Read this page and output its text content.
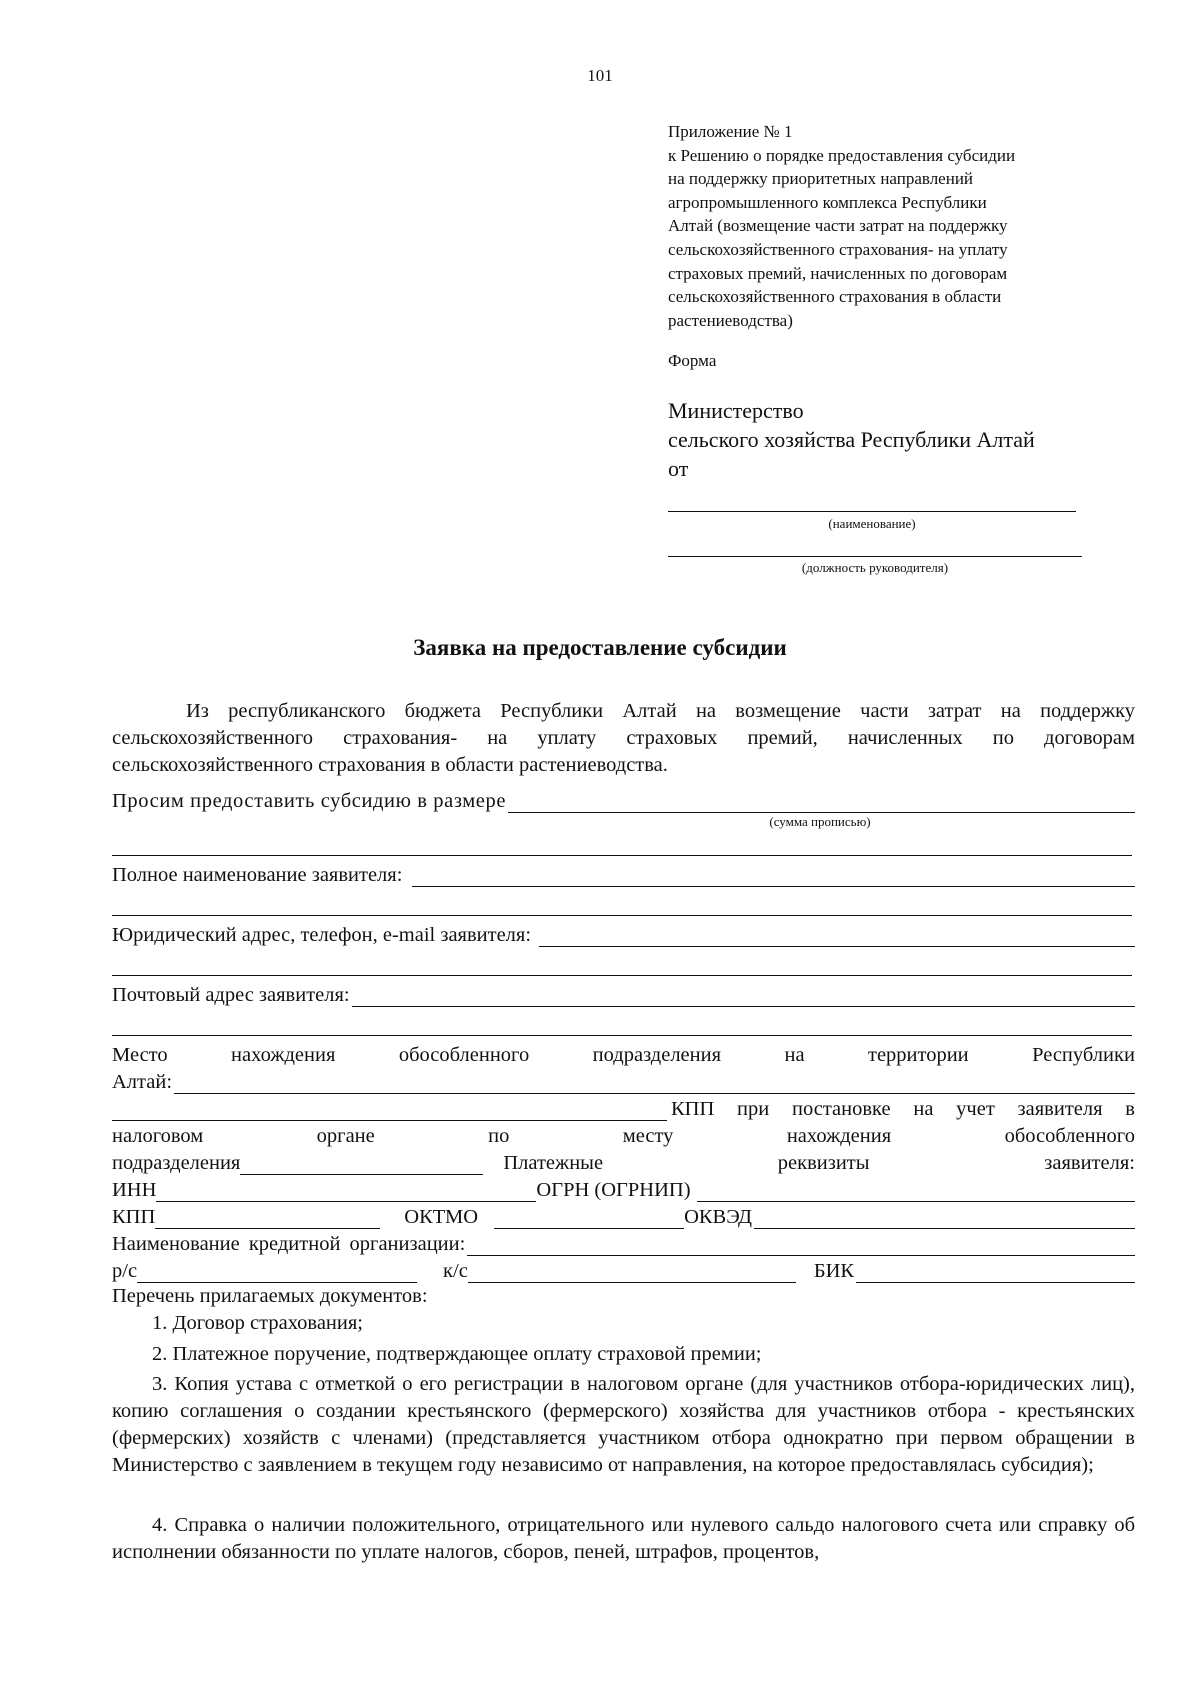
101
Приложение № 1
к Решению о порядке предоставления субсидии
на поддержку приоритетных направлений
агропромышленного комплекса Республики
Алтай (возмещение части затрат на поддержку
сельскохозяйственного страхования- на уплату
страховых премий, начисленных по договорам
сельскохозяйственного страхования в области
растениеводства)
Форма
Министерство
сельского хозяйства Республики Алтай
от
(наименование)
(должность руководителя)
Заявка на предоставление субсидии
Из республиканского бюджета Республики Алтай на возмещение части затрат на поддержку сельскохозяйственного страхования- на уплату страховых премий, начисленных по договорам сельскохозяйственного страхования в области растениеводства.
Просим предоставить субсидию в размере
(сумма прописью)
Полное наименование заявителя:
Юридический адрес, телефон, e-mail заявителя:
Почтовый адрес заявителя:
Место	нахождения	обособленного	подразделения	на	территории	Республики
Алтай:
КПП при постановке на учет заявителя в
налоговом	органе	по	месту	нахождения	обособленного
подразделения	Платежные	реквизиты	заявителя:
ИНН	ОГРН (ОГРНИП)
КПП	ОКТМО	ОКВЭД
Наименование кредитной организации:
р/с	к/с	БИК
Перечень прилагаемых документов:
1. Договор страхования;
2. Платежное поручение, подтверждающее оплату страховой премии;
3. Копия устава с отметкой о его регистрации в налоговом органе (для участников отбора-юридических лиц), копию соглашения о создании крестьянского (фермерского) хозяйства для участников отбора - крестьянских (фермерских) хозяйств с членами) (представляется участником отбора однократно при первом обращении в Министерство с заявлением в текущем году независимо от направления, на которое предоставлялась субсидия);
4. Справка о наличии положительного, отрицательного или нулевого сальдо налогового счета или справку об исполнении обязанности по уплате налогов, сборов, пеней, штрафов, процентов,
